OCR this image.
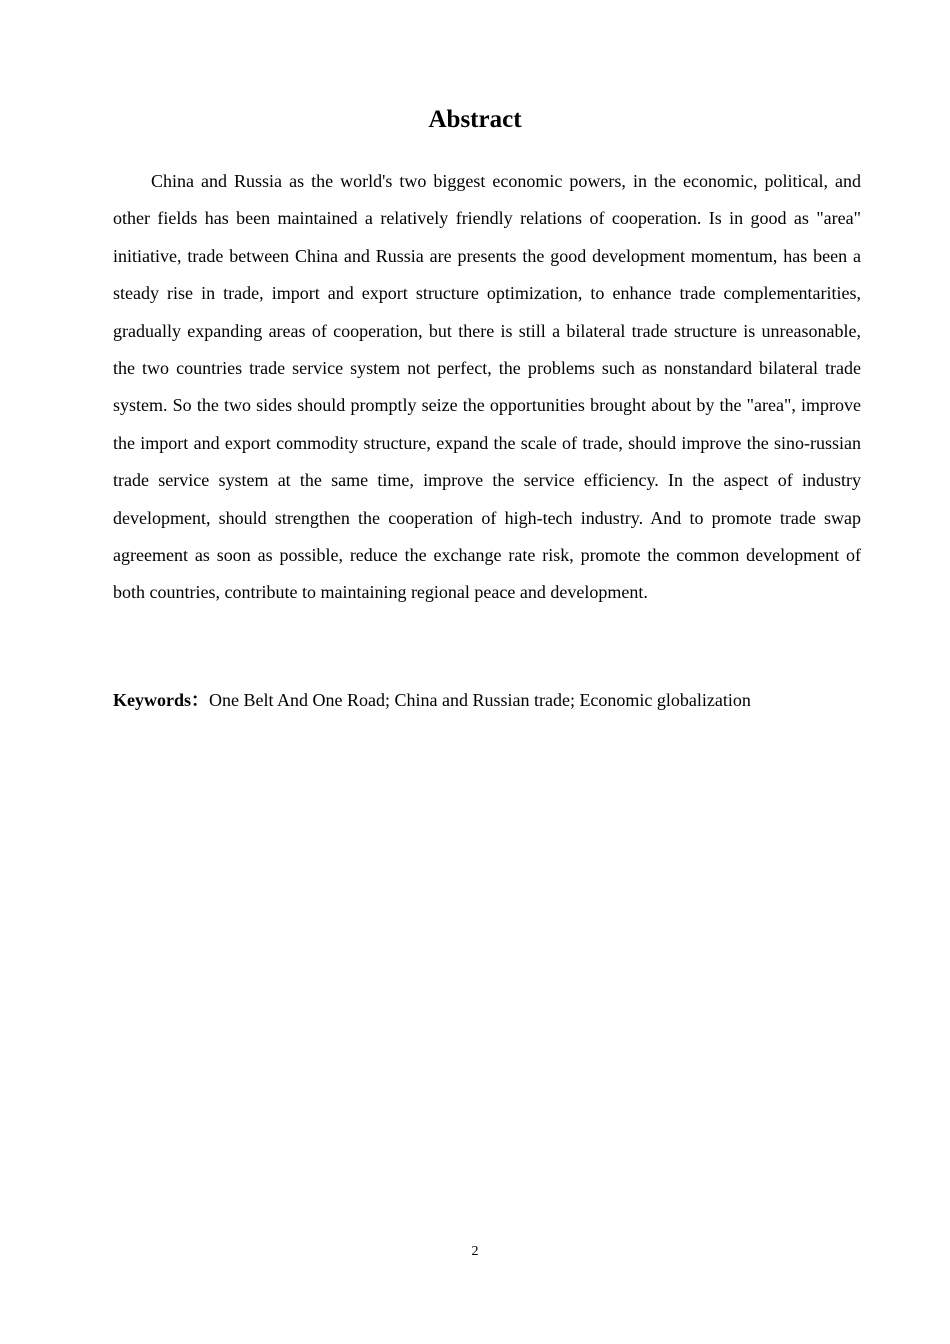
Abstract

China and Russia as the world's two biggest economic powers, in the economic, political, and other fields has been maintained a relatively friendly relations of cooperation. Is in good as "area" initiative, trade between China and Russia are presents the good development momentum, has been a steady rise in trade, import and export structure optimization, to enhance trade complementarities, gradually expanding areas of cooperation, but there is still a bilateral trade structure is unreasonable, the two countries trade service system not perfect, the problems such as nonstandard bilateral trade system. So the two sides should promptly seize the opportunities brought about by the "area", improve the import and export commodity structure, expand the scale of trade, should improve the sino-russian trade service system at the same time, improve the service efficiency. In the aspect of industry development, should strengthen the cooperation of high-tech industry. And to promote trade swap agreement as soon as possible, reduce the exchange rate risk, promote the common development of both countries, contribute to maintaining regional peace and development.

Keywords：One Belt And One Road; China and Russian trade; Economic globalization

2
